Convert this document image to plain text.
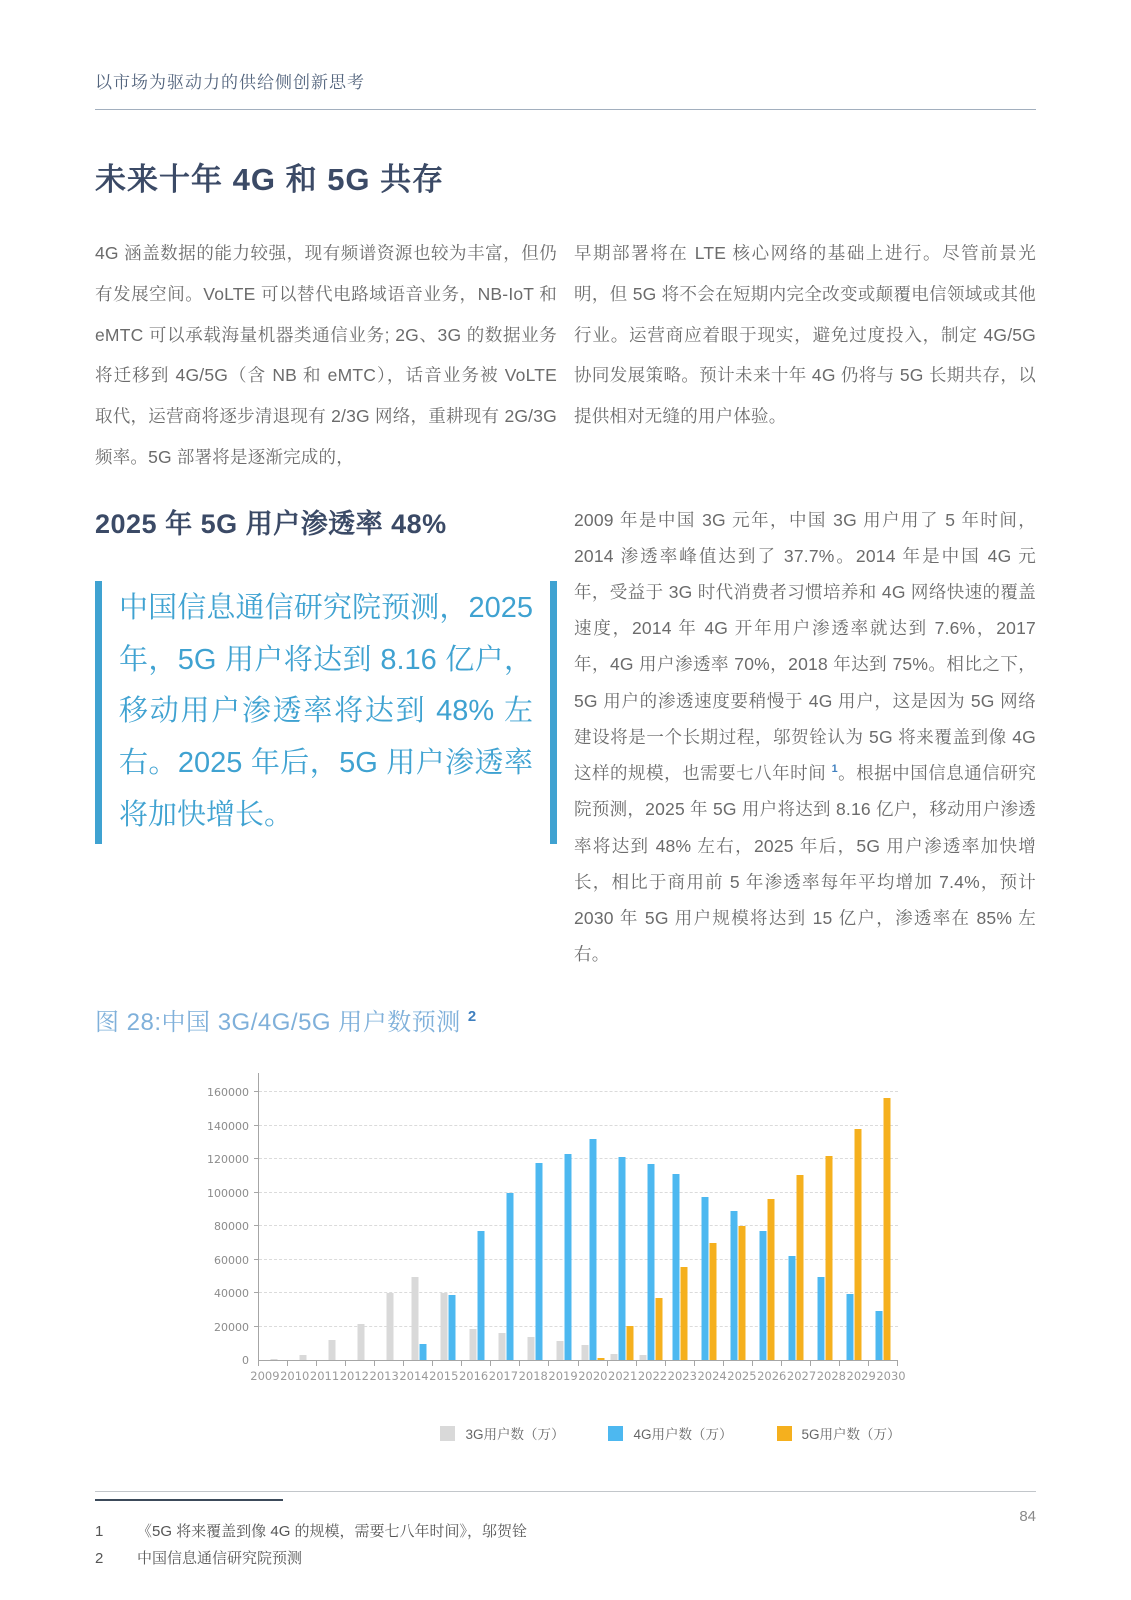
以市场为驱动力的供给侧创新思考
未来十年 4G 和 5G 共存

4G 涵盖数据的能力较强，现有频谱资源也较为丰富，但仍有发展空间。VoLTE 可以替代电路域语音业务，NB-IoT 和 eMTC 可以承载海量机器类通信业务; 2G、3G 的数据业务将迁移到 4G/5G（含 NB 和 eMTC），话音业务被 VoLTE 取代，运营商将逐步清退现有 2/3G 网络，重耕现有 2G/3G 频率。5G 部署将是逐渐完成的，

早期部署将在 LTE 核心网络的基础上进行。尽管前景光明，但 5G 将不会在短期内完全改变或颠覆电信领域或其他行业。运营商应着眼于现实，避免过度投入，制定 4G/5G 协同发展策略。预计未来十年 4G 仍将与 5G 长期共存，以提供相对无缝的用户体验。

2025 年 5G 用户渗透率 48%
中国信息通信研究院预测，2025 年，5G 用户将达到 8.16 亿户，移动用户渗透率将达到 48% 左右。2025 年后，5G 用户渗透率将加快增长。

2009 年是中国 3G 元年，中国 3G 用户用了 5 年时间，2014 渗透率峰值达到了 37.7%。2014 年是中国 4G 元年，受益于 3G 时代消费者习惯培养和 4G 网络快速的覆盖速度，2014 年 4G 开年用户渗透率就达到 7.6%，2017 年，4G 用户渗透率 70%，2018 年达到 75%。相比之下，5G 用户的渗透速度要稍慢于 4G 用户，这是因为 5G 网络建设将是一个长期过程，邬贺铨认为 5G 将来覆盖到像 4G 这样的规模，也需要七八年时间 $^1$。根据中国信息通信研究院预测，2025 年 5G 用户将达到 8.16 亿户，移动用户渗透率将达到 48% 左右，2025 年后，5G 用户渗透率加快增长，相比于商用前 5 年渗透率每年平均增加 7.4%，预计 2030 年 5G 用户规模将达到 15 亿户，渗透率在 85% 左右。

图 28:中国 3G/4G/5G 用户数预测 $^2$
0
20000
40000
60000
80000
100000
120000
140000
160000
2009 2010 2011 2012 2013 2014 2015 2016 2017 2018 2019 2020 2021 2022 2023 2024 2025 2026 2027 2028 2029 2030
3G用户数（万）	4G用户数（万）	5G用户数（万）
1	《5G 将来覆盖到像 4G 的规模，需要七八年时间》，邬贺铨
2	中国信息通信研究院预测
84
